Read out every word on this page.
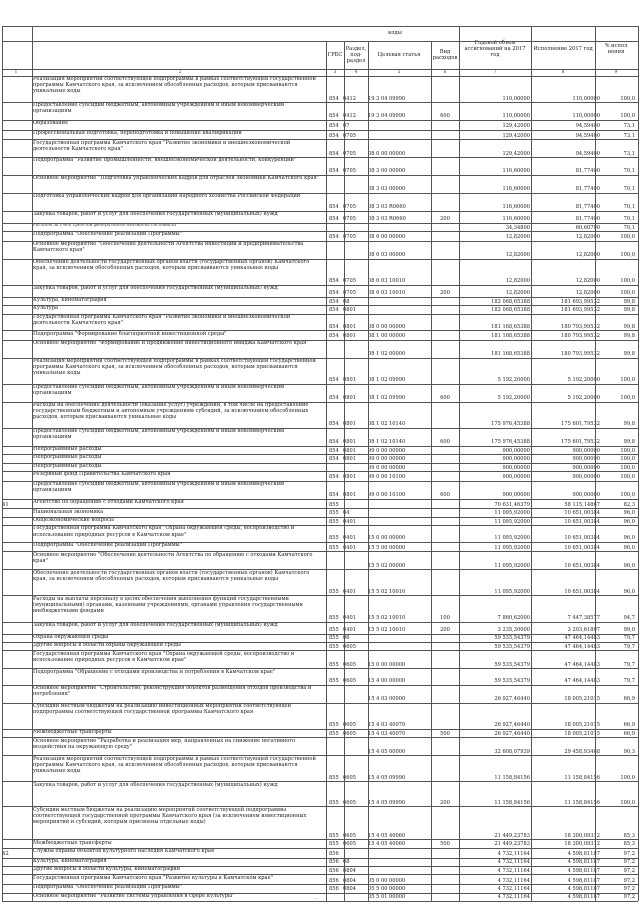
коды
ГРБС
Раздел, под- раздел
Целевая статья	Вид расходов
Годовой объем ассигнований на 2017 год
Исполнение 2017 год	% испол нения
1	2	3	4	5	6	7	8	9
Реализация мероприятий соответствующей подпрограммы в рамках соответствующей государственной программы Камчатского края, за исключением обособленных расходов, которым присваиваются уникальные коды
854 0412	19 3 04 09990	110,00000	110,00000	100,0
Предоставление субсидий бюджетным, автономным учреждениям и иным некоммерческим организациям
854 0412	19 3 04 09990	600	110,00000	110,00000	100,0
Образование	854 07	129,42000	94,59400	73,1
Профессиональная подготовка, переподготовка и повышение квалификации	854 0705	129,42000	94,59400	73,1
Государственная программа Камчатского края "Развитие экономики и внешнеэкономической деятельности Камчатского края"
854 0705	08 0 00 00000	129,42000	94,59400	73,1
Подпрограмма "Развитие промышленности, внешнеэкономической деятельности, конкуренции"
854 0705	08 3 00 00000	116,60000	81,77400	70,1
Основное мероприятие "Подготовка управленческих кадров для отраслей экономики Камчатского края"
08 3 03 00000	116,60000	81,77400	70,1
Подготовка управленческих кадров для организаций народного хозяйства Российской Федерации
854 0705	08 3 03 R0660	116,60000	81,77400	70,1
Закупка товаров, работ и услуг для обеспечения государственных (муниципальных) нужд
854 0705	08 3 03 R0660	200	116,60000	81,77400	70,1
Расходы за счет средств федерального бюджета составили	34,34800	60,60700	70,1
Подпрограмма "Обеспечение реализации Программы"	854 0705	08 6 00 00000	12,82000	12,82000	100,0
Основное мероприятие "Обеспечение деятельности Агентства инвестиций и предпринимательства Камчатского края"
08 6 03 00000	12,82000	12,82000	100,0
Обеспечение деятельности государственных органов власти (государственных органов) Камчатского края, за исключением обособленных расходов, которым присваиваются уникальные коды
854 0705	08 6 03 10010	12,82000	12,82000	100,0
Закупка товаров, работ и услуг для обеспечения государственных (муниципальных) нужд
854 0705	08 6 03 10010	200	12,82000	12,82000	100,0
Культура, кинематография	854 08	182 068,65388	181 693,99532	99,8
Культура	854 0801	182 068,65388	181 693,99532	99,8
Государственная программа Камчатского края "Развитие экономики и внешнеэкономической деятельности Камчатского края"
854 0801	08 0 00 00000	181 168,65388	180 793,99532	99,8
Подпрограмма "Формирование благоприятной инвестиционной среды"	854 0801	08 1 00 00000	181 168,65388	180 793,99532	99,8
Основное мероприятие "Формирование и продвижение инвестиционного имиджа Камчатского края"
08 1 02 00000	181 168,65388	180 793,99532	99,8
Реализация мероприятий соответствующей подпрограммы в рамках соответствующей государственной программы Камчатского края, за исключением обособленных расходов, которым присваиваются уникальные коды
854 0801	08 1 02 09990	5 192,20000	5 192,20000	100,0
Предоставление субсидий бюджетным, автономным учреждениям и иным некоммерческим организациям
854 0801	08 1 02 09990	600	5 192,20000	5 192,20000	100,0
Расходы на обеспечение деятельности (оказание услуг) учреждений, в том числе на предоставление государственным бюджетным и автономным учреждениям субсидий, за исключением обособленных расходов, которым присваиваются уникальные коды
854 0801	08 1 02 10140	175 976,45388	175 601,79532	99,8
Предоставление субсидий бюджетным, автономным учреждениям и иным некоммерческим организациям
854 0801	08 1 02 10140	600	175 976,45388	175 601,79532	99,8
Непрограммные расходы	854 0801	99 0 00 00000	900,00000	900,00000	100,0
Непрограммные расходы	854 0801	99 0 00 00000	900,00000	900,00000	100,0
Непрограммные расходы	99 0 00 00000	900,00000	900,00000	100,0
Резервный фонд Правительства Камчатского края	854 0801	99 0 00 10100	900,00000	900,00000	100,0
Предоставление субсидий бюджетным, автономным учреждениям и иным некоммерческим организациям
854 0801	99 0 00 10100	600	900,00000	900,00000	100,0
41	Агентство по обращению с отходами Камчатского края	855	70 631,46379	58 115,14867	82,3
Национальная экономика	855 04	11 095,92000	10 651,00384	96,0
Общеэкономические вопросы	855 0401	11 095,92000	10 651,00384	96,0
Государственная программа Камчатского края "Охрана окружающей среды, воспроизводство и использование природных ресурсов в Камчатском крае"
855 0401	15 0 00 00000	11 095,92000	10 651,00384	96,0
Подпрограмма "Обеспечение реализации Программы"	855 0401	15 5 00 00000	11 095,92000	10 651,00384	96,0
Основное мероприятие "Обеспечение деятельности Агентства по обращению с отходами Камчатского края"
15 5 02 00000	11 095,92000	10 651,00384	96,0
Обеспечение деятельности государственных органов власти (государственных органов) Камчатского края, за исключением обособленных расходов, которым присваиваются уникальные коды
855 0401	15 5 02 10010	11 095,92000	10 651,00384	96,0
Расходы на выплаты персоналу в целях обеспечения выполнения функций государственными (муниципальными) органами, казенными учреждениями, органами управления государственными внебюджетными фондами
855 0401	15 5 02 10010	100	7 860,62000	7 447,38577	94,7
Закупка товаров, работ и услуг для обеспечения государственных (муниципальных) нужд
855 0401	15 5 02 10010	200	3 235,30000	3 203,61807	99,0
Охрана окружающей среды	855 06	59 535,54379	47 464,14483	79,7
Другие вопросы в области охраны окружающей среды	855 0605	59 535,54379	47 464,14483	79,7
Государственная программа Камчатского края "Охрана окружающей среды, воспроизводство и использование природных ресурсов в Камчатском крае"
855 0605	15 0 00 00000	59 535,54379	47 464,14483	79,7
Подпрограмма "Обращение с отходами производства и потребления в Камчатском крае"
855 0605	15 4 00 00000	59 535,54379	47 464,14483	79,7
Основное мероприятие "Строительство, реконструкция объектов размещения отходов производства и потребления"
15 4 03 00000	26 927,46440	18 005,21015	66,9
Субсидии местным бюджетам на реализацию инвестиционных мероприятий соответствующей подпрограммы соответствующей государственной программы Камчатского края
855 0605	15 4 03 40070	26 927,46440	18 005,21015	66,9
Межбюджетные трансферты	855 0605	15 4 03 40070	500	26 927,46440	18 005,21015	66,9
Основное мероприятие "Разработка и реализация мер, направленных на снижение негативного воздействия на окружающую среду"
15 4 05 00000	32 608,07939	29 458,93468	90,3
Реализация мероприятий соответствующей подпрограммы в рамках соответствующей государственной программы Камчатского края, за исключением обособленных расходов, которым присваиваются уникальные коды
855 0605	15 4 05 09990	11 158,84156	11 158,84156	100,0
Закупка товаров, работ и услуг для обеспечения государственных (муниципальных) нужд
855 0605	15 4 05 09990	200	11 158,84156	11 158,84156	100,0
Субсидии местным бюджетам на реализацию мероприятий соответствующей подпрограммы соответствующей государственной программы Камчатского края (за исключением инвестиционных мероприятий и субсидий, которым присвоены отдельные коды)
855 0605	15 4 05 40060	21 449,23783	18 300,09312	85,3
Межбюджетные трансферты	855 0605	15 4 05 40060	500	21 449,23783	18 300,09312	85,3
42	Служба охраны объектов культурного наследия Камчатского края	856	4 732,11164	4 598,81187	97,2
Культура, кинематография	856 08	4 732,11164	4 598,81187	97,2
Другие вопросы в области культуры, кинематографии	856 0804	4 732,11164	4 598,81187	97,2
Государственная программа Камчатского края "Развитие культуры в Камчатском крае"	856 0804	05 0 00 00000	4 732,11164	4 598,81187	97,2
Подпрограмма "Обеспечение реализации Программы"	856 0804	05 5 00 00000	4 732,11164	4 598,81187	97,2
Основное мероприятие "Развитие системы управления в сфере культуры"	05 5 01 00000	4 732,11164	4 598,81187	97,2
-
